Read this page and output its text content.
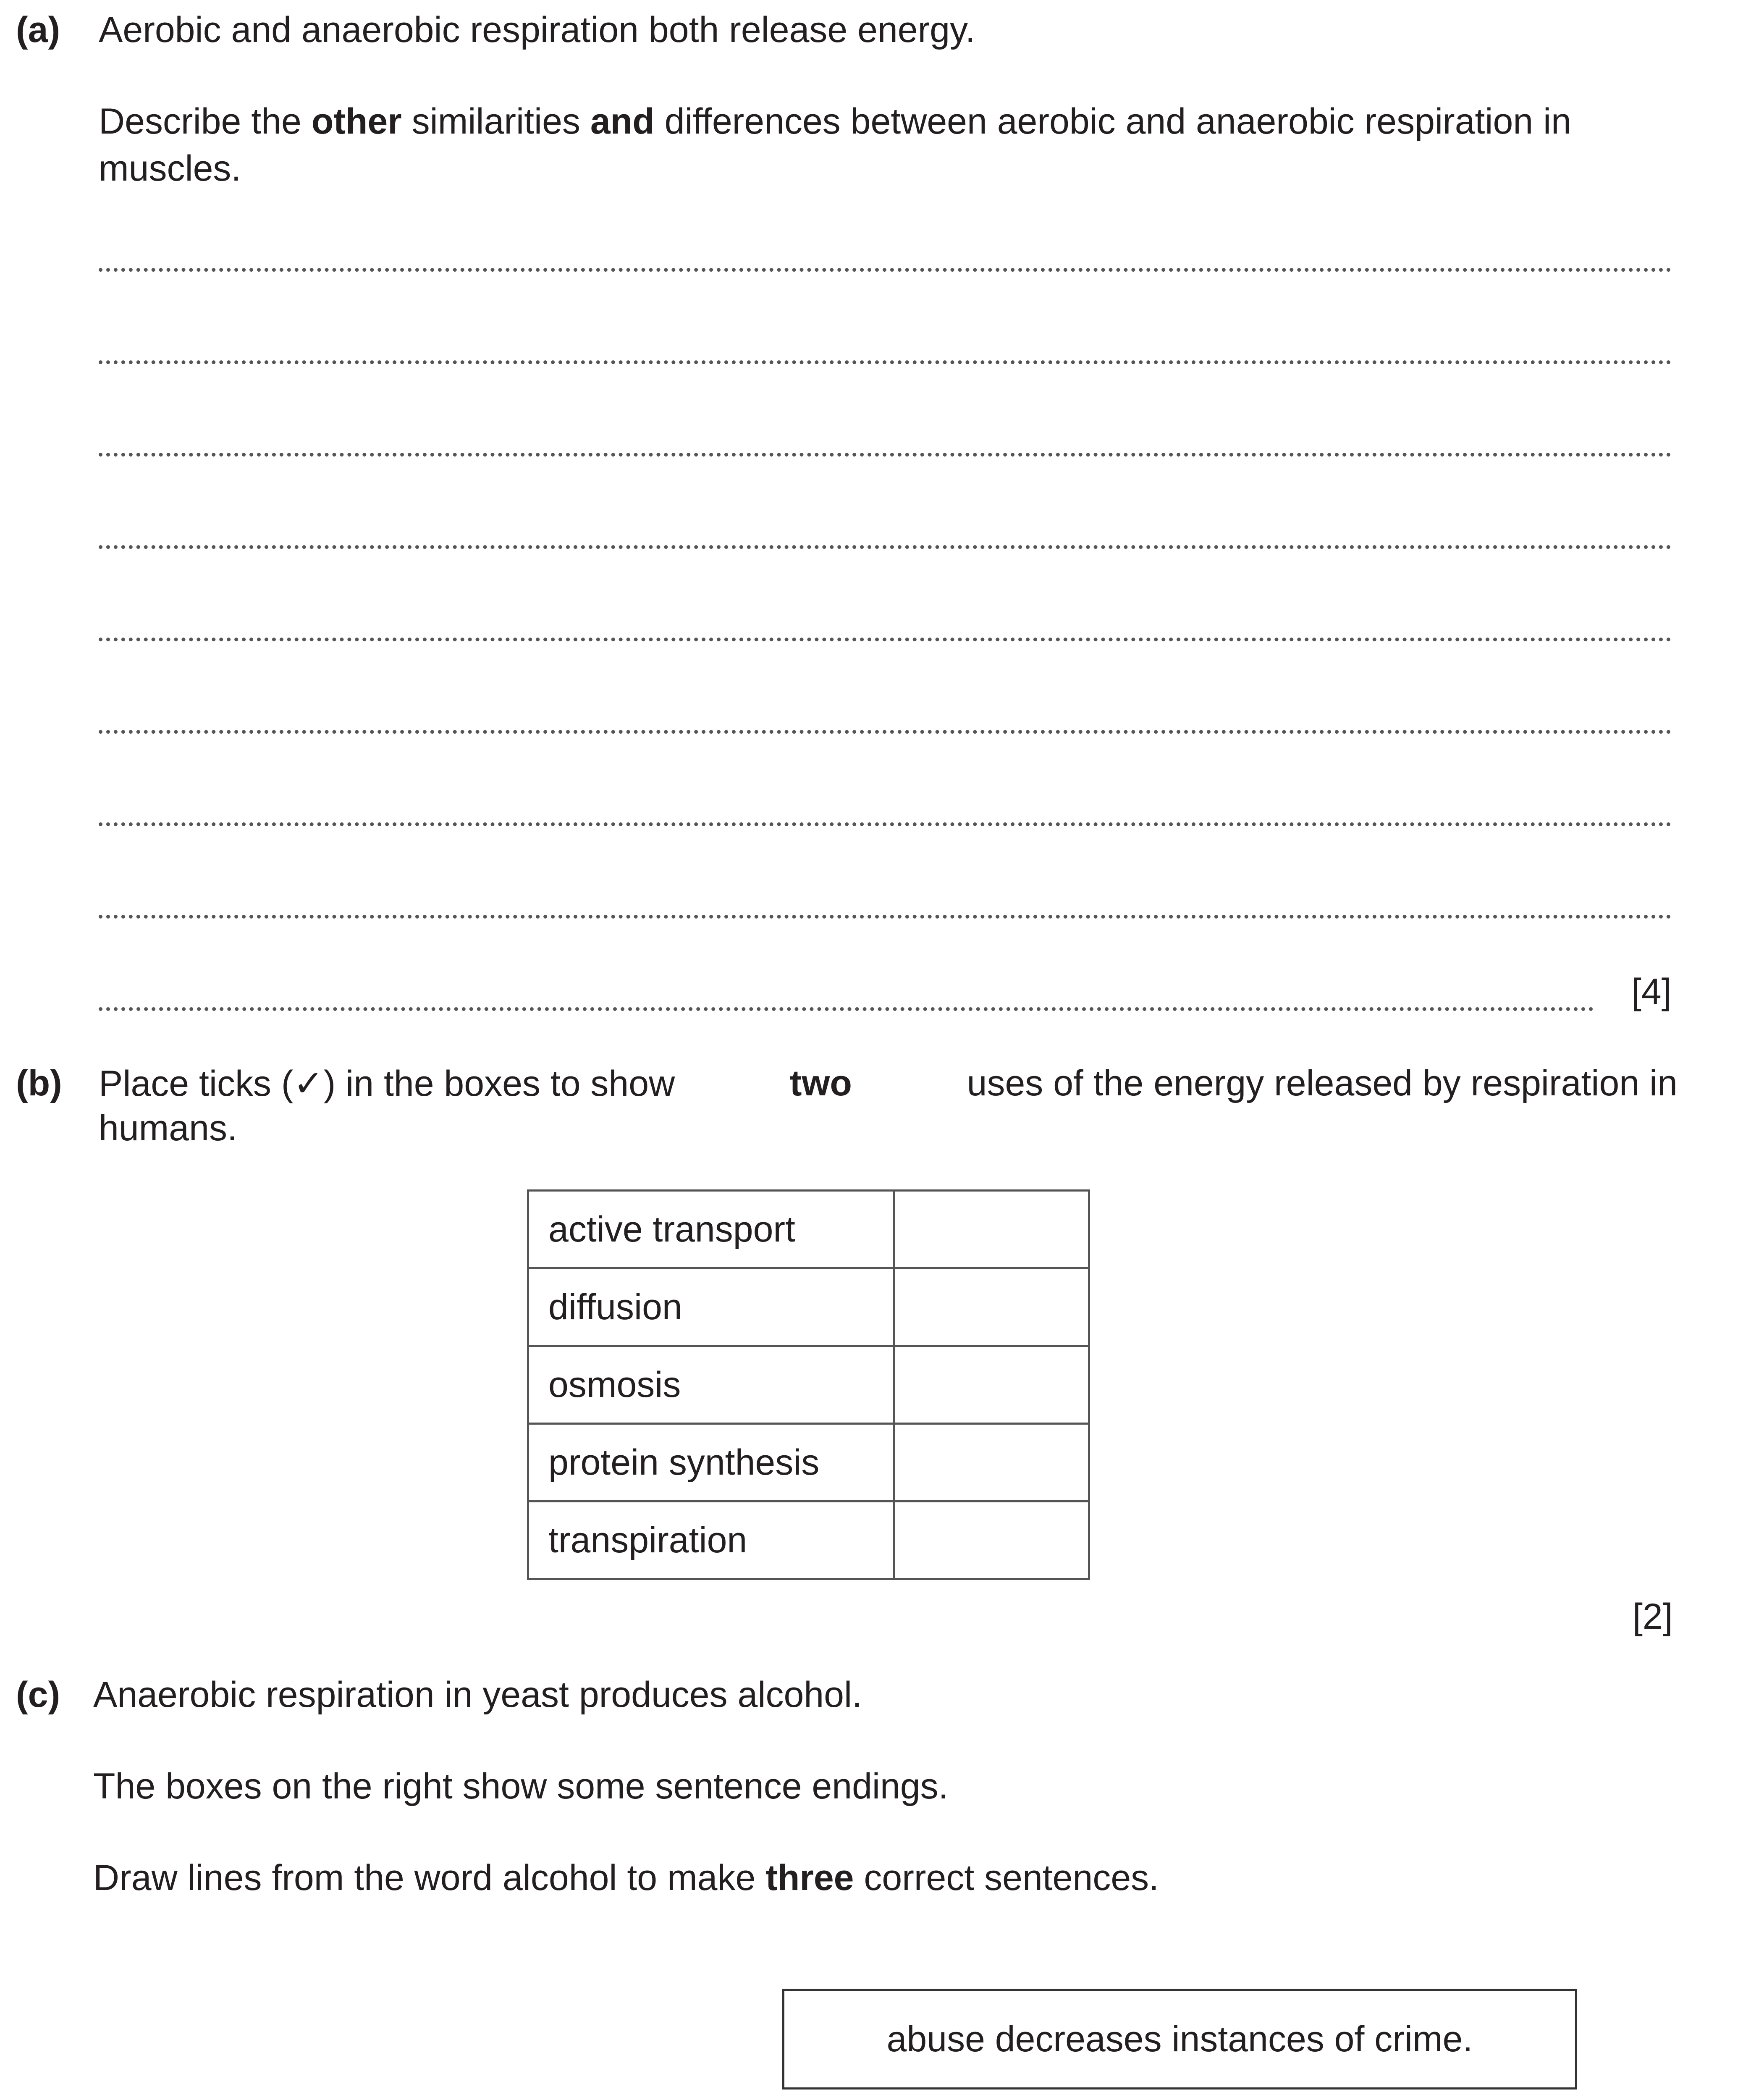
(a) Aerobic and anaerobic respiration both release energy.
Describe the other similarities and differences between aerobic and anaerobic respiration in
muscles.
[4]
(b) Place ticks (✓) in the boxes to show	two	uses of the energy released by respiration in
humans.
active transport	
diffusion	
osmosis	
protein synthesis	
transpiration	
[2]
(c) Anaerobic respiration in yeast produces alcohol.
The boxes on the right show some sentence endings.
Draw lines from the word alcohol to make three correct sentences.
abuse decreases instances of crime.
